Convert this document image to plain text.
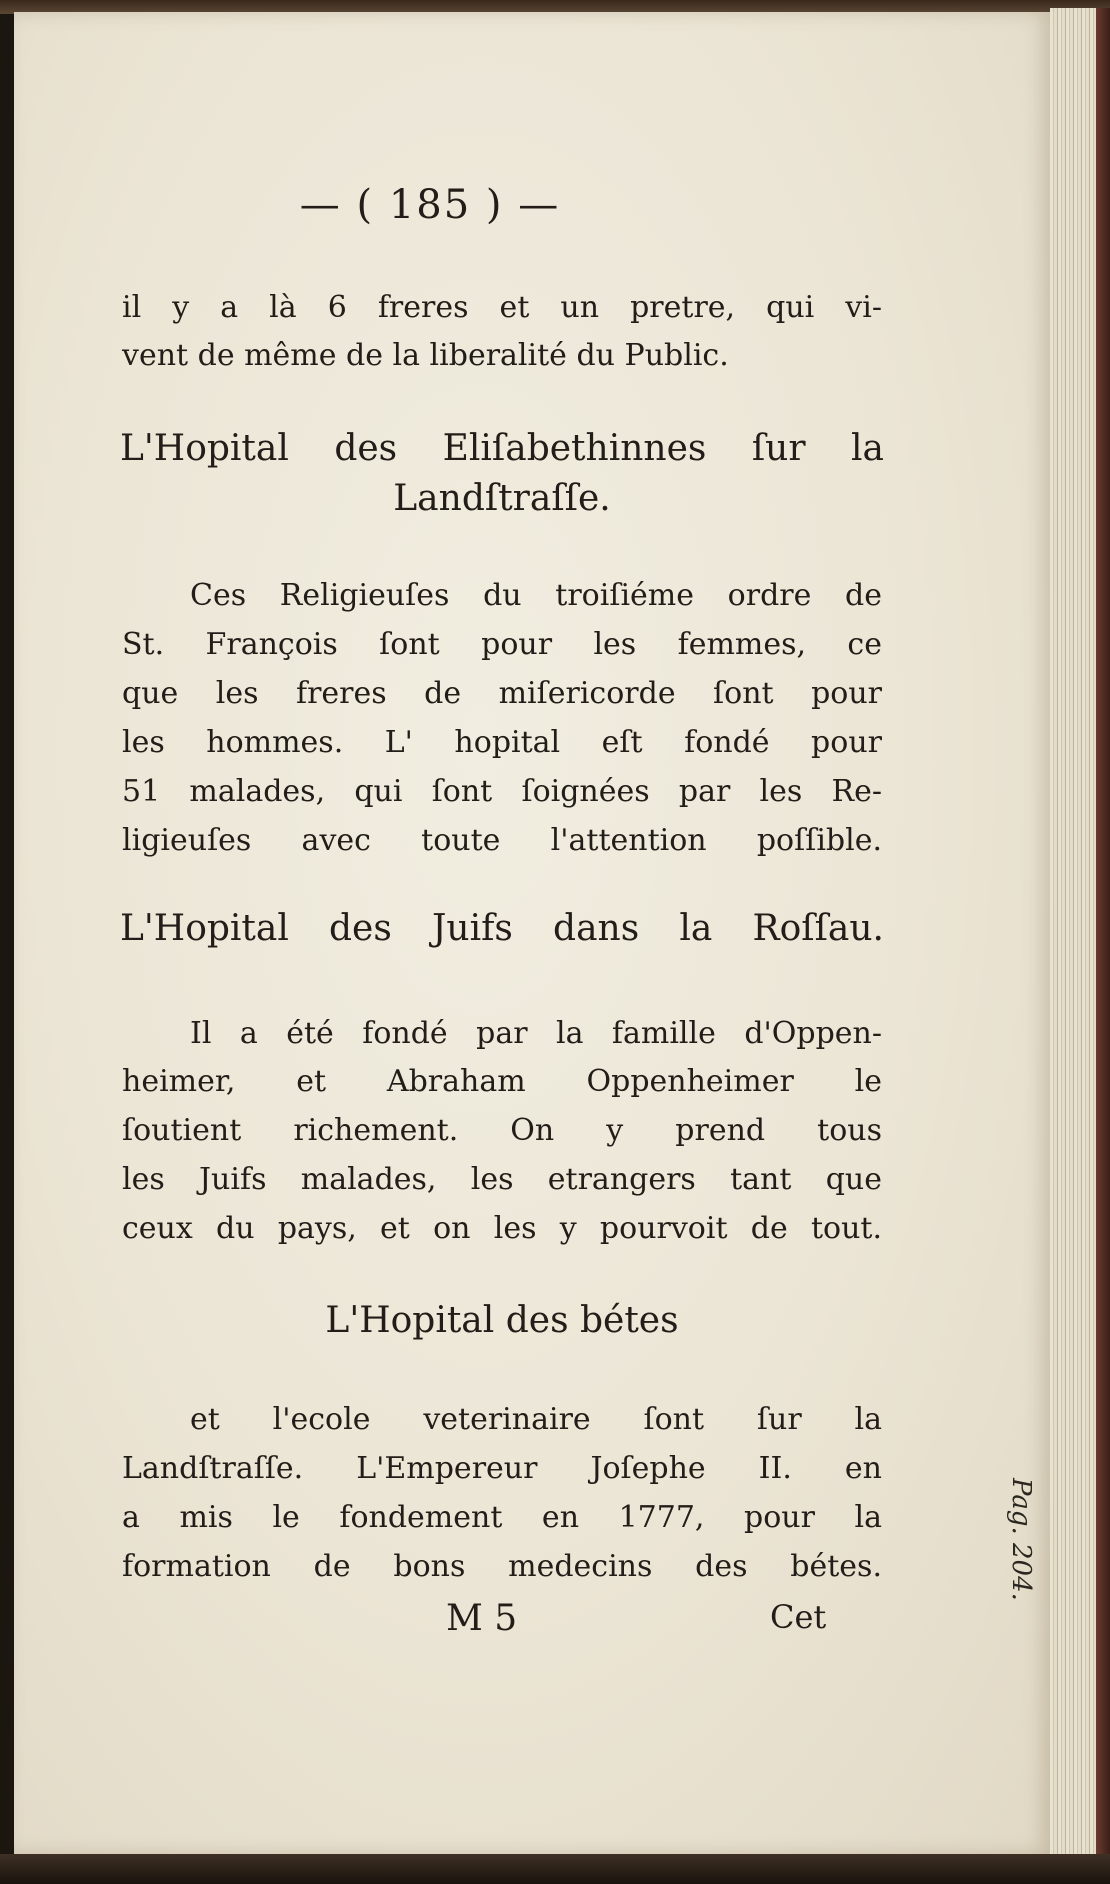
Pag. 204.
— ( 185 ) —
il y a là 6 freres et un pretre, qui vi-
vent de même de la liberalité du Public.
L'Hopital des Eliſabethinnes ſur la
Landſtraſſe.
Ces Religieuſes du troiſiéme ordre de
St. François ſont pour les femmes, ce
que les freres de miſericorde ſont pour
les hommes. L' hopital eſt fondé pour
51 malades, qui ſont ſoignées par les Re-
ligieuſes avec toute l'attention poſſible.
L'Hopital des Juifs dans la Roſſau.
Il a été fondé par la famille d'Oppen-
heimer, et Abraham Oppenheimer le
ſoutient richement. On y prend tous
les Juifs malades, les etrangers tant que
ceux du pays, et on les y pourvoit de tout.
L'Hopital des bétes
et l'ecole veterinaire ſont ſur la
Landſtraſſe. L'Empereur Joſephe II. en
a mis le fondement en 1777, pour la
formation de bons medecins des bétes.
M 5	Cet
